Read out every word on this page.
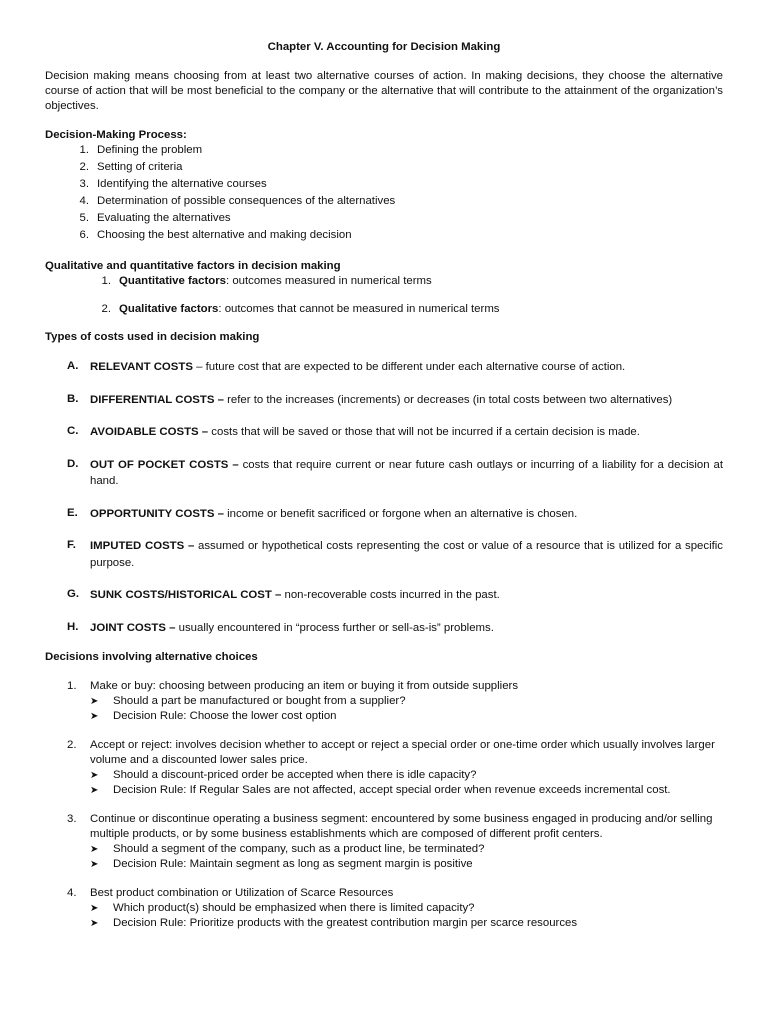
Chapter V. Accounting for Decision Making

Decision making means choosing from at least two alternative courses of action. In making decisions, they choose the alternative course of action that will be most beneficial to the company or the alternative that will contribute to the attainment of the organization’s objectives.

Decision-Making Process:
1. Defining the problem
2. Setting of criteria
3. Identifying the alternative courses
4. Determination of possible consequences of the alternatives
5. Evaluating the alternatives
6. Choosing the best alternative and making decision
Qualitative and quantitative factors in decision making
1. Quantitative factors: outcomes measured in numerical terms
2. Qualitative factors: outcomes that cannot be measured in numerical terms
Types of costs used in decision making
A.	RELEVANT COSTS – future cost that are expected to be different under each alternative course of action.
B.	DIFFERENTIAL COSTS – refer to the increases (increments) or decreases (in total costs between two alternatives)
C.	AVOIDABLE COSTS – costs that will be saved or those that will not be incurred if a certain decision is made.
D.	OUT OF POCKET COSTS – costs that require current or near future cash outlays or incurring of a liability for a decision at hand.
E.	OPPORTUNITY COSTS – income or benefit sacrificed or forgone when an alternative is chosen.
F.	IMPUTED COSTS – assumed or hypothetical costs representing the cost or value of a resource that is utilized for a specific purpose.
G. SUNK COSTS/HISTORICAL COST – non-recoverable costs incurred in the past.
H.	JOINT COSTS – usually encountered in “process further or sell-as-is” problems.
Decisions involving alternative choices
1.	Make or buy: choosing between producing an item or buying it from outside suppliers
➤	Should a part be manufactured or bought from a supplier?
➤	Decision Rule: Choose the lower cost option
2.	Accept or reject: involves decision whether to accept or reject a special order or one-time order which usually involves larger volume and a discounted lower sales price.
➤	Should a discount-priced order be accepted when there is idle capacity?
➤	Decision Rule: If Regular Sales are not affected, accept special order when revenue exceeds incremental cost.
3.	Continue or discontinue operating a business segment: encountered by some business engaged in producing and/or selling multiple products, or by some business establishments which are composed of different profit centers.
➤	Should a segment of the company, such as a product line, be terminated?
➤	Decision Rule: Maintain segment as long as segment margin is positive
4.	Best product combination or Utilization of Scarce Resources
➤	Which product(s) should be emphasized when there is limited capacity?
➤	Decision Rule: Prioritize products with the greatest contribution margin per scarce resources
